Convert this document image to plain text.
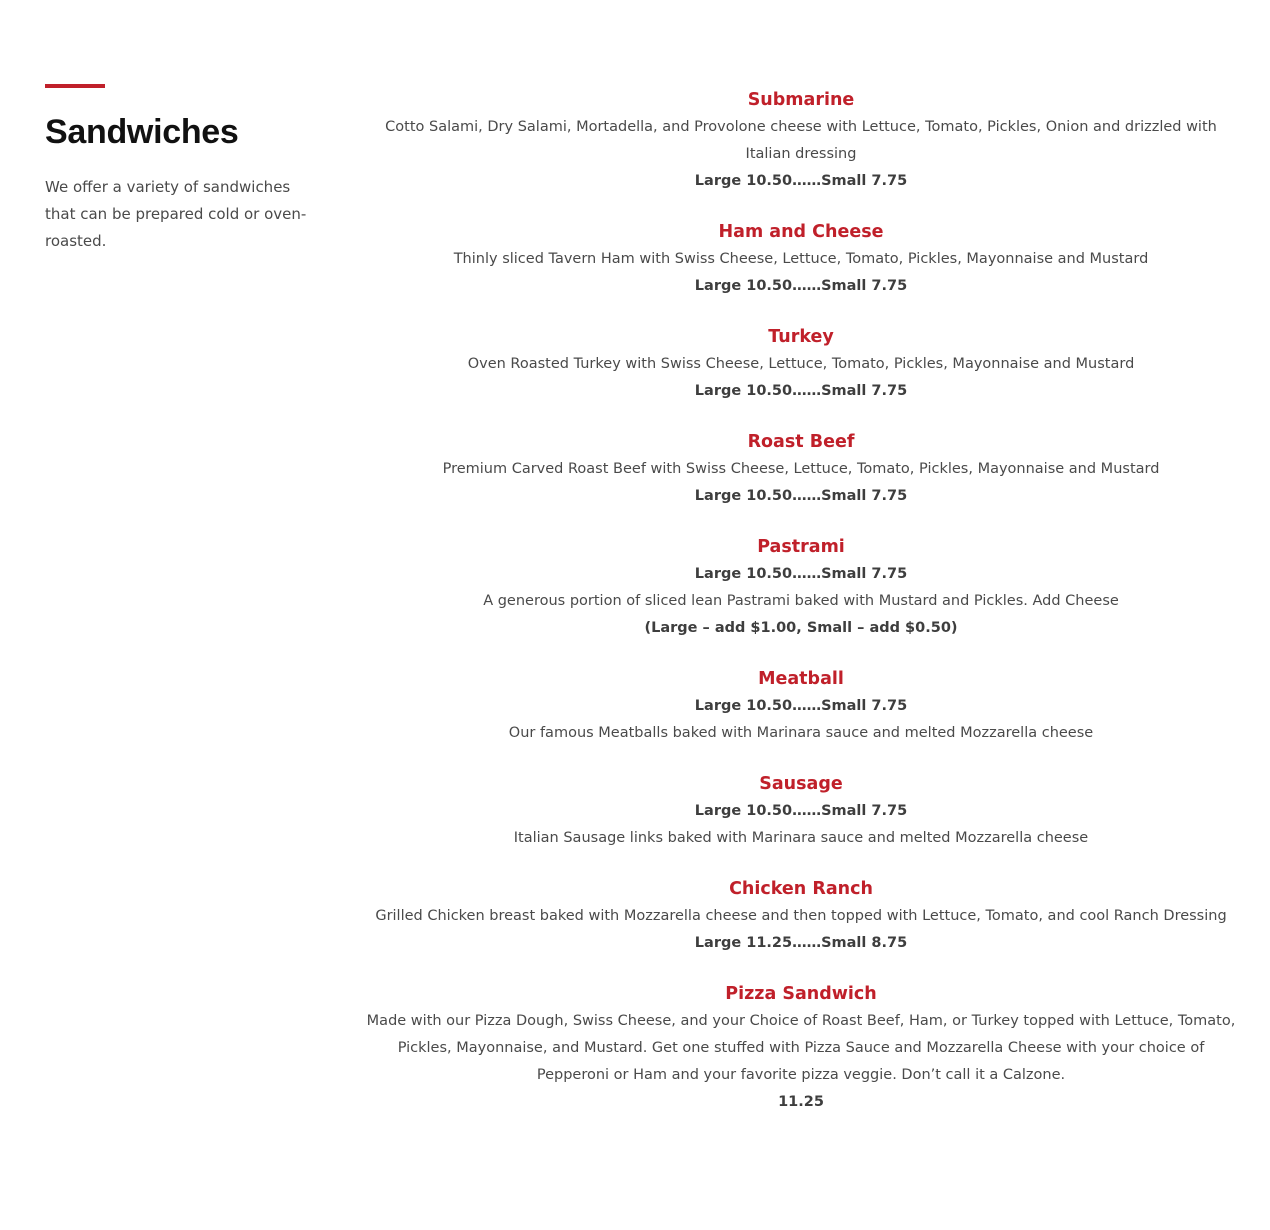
Sandwiches
We offer a variety of sandwiches that can be prepared cold or oven-roasted.
Submarine
Cotto Salami, Dry Salami, Mortadella, and Provolone cheese with Lettuce, Tomato, Pickles, Onion and drizzled with Italian dressing
Large 10.50……Small 7.75
Ham and Cheese
Thinly sliced Tavern Ham with Swiss Cheese, Lettuce, Tomato, Pickles, Mayonnaise and Mustard
Large 10.50……Small 7.75
Turkey
Oven Roasted Turkey with Swiss Cheese, Lettuce, Tomato, Pickles, Mayonnaise and Mustard
Large 10.50……Small 7.75
Roast Beef
Premium Carved Roast Beef with Swiss Cheese, Lettuce, Tomato, Pickles, Mayonnaise and Mustard
Large 10.50……Small 7.75
Pastrami
Large 10.50……Small 7.75
A generous portion of sliced lean Pastrami baked with Mustard and Pickles. Add Cheese
(Large – add $1.00, Small – add $0.50)
Meatball
Large 10.50……Small 7.75
Our famous Meatballs baked with Marinara sauce and melted Mozzarella cheese
Sausage
Large 10.50……Small 7.75
Italian Sausage links baked with Marinara sauce and melted Mozzarella cheese
Chicken Ranch
Grilled Chicken breast baked with Mozzarella cheese and then topped with Lettuce, Tomato, and cool Ranch Dressing
Large 11.25……Small 8.75
Pizza Sandwich
Made with our Pizza Dough, Swiss Cheese, and your Choice of Roast Beef, Ham, or Turkey topped with Lettuce, Tomato, Pickles, Mayonnaise, and Mustard. Get one stuffed with Pizza Sauce and Mozzarella Cheese with your choice of Pepperoni or Ham and your favorite pizza veggie. Don’t call it a Calzone.
11.25
